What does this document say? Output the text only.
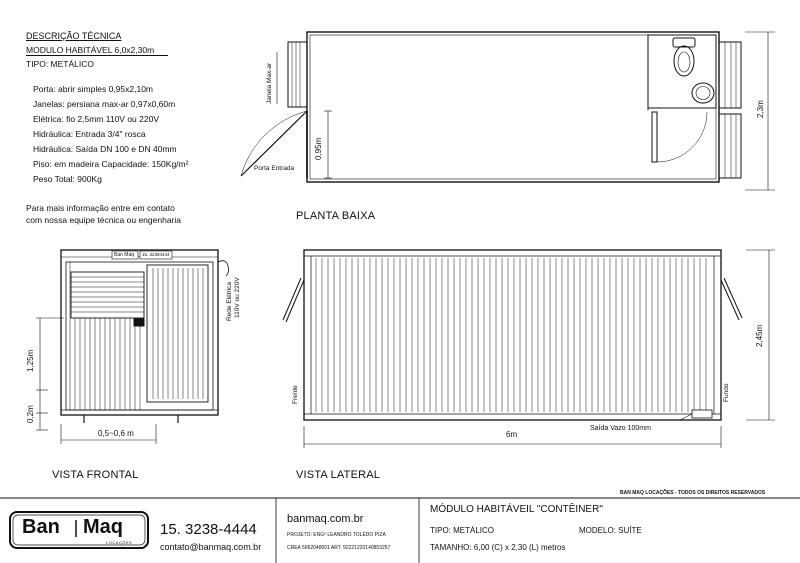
DESCRIÇÃO TÉCNICA
MODULO HABITÁVEL 6,0x2,30m
TIPO: METÁLICO
Porta: abrir simples 0,95x2,10m
Janelas: persiana max-ar 0,97x0,60m
Elétrica: fio 2,5mm 110V ou 220V
Hidráulica: Entrada 3/4" rosca
Hidráulica: Saída DN 100 e DN 40mm
Piso: em madeira Capacidade: 150Kg/m²
Peso Total: 900Kg
Para mais informação entre em contato
com nossa equipe técnica ou engenharia	PLANTA BAIXA
Janela Max-ar
0,95m
Porta Entrada
2,3m
Ban Maq 15. 32384444
Rede Elétrica 110V ou 220V
1,25m
0,2m
0,5~0,6 m
VISTA FRONTAL
Frente	Fundo
2,45m
Saída Vazo 100mm
6m
VISTA LATERAL
BAN MAQ LOCAÇÕES - TODOS OS DIREITOS RESERVADOS
Ban Maq
LOCAÇÕES
15. 3238-4444
contato@banmaq.com.br
banmaq.com.br
PROJETO: ENGº LEANDRO TOLEDO PIZA
CREA 5062048001 ART. 92221220140853257
MÓDULO HABITÁVEIL "CONTÊINER"
TIPO: METÁLICO	MODELO: SUÍTE
TAMANHO: 6,00 (C) x 2,30 (L) metros
